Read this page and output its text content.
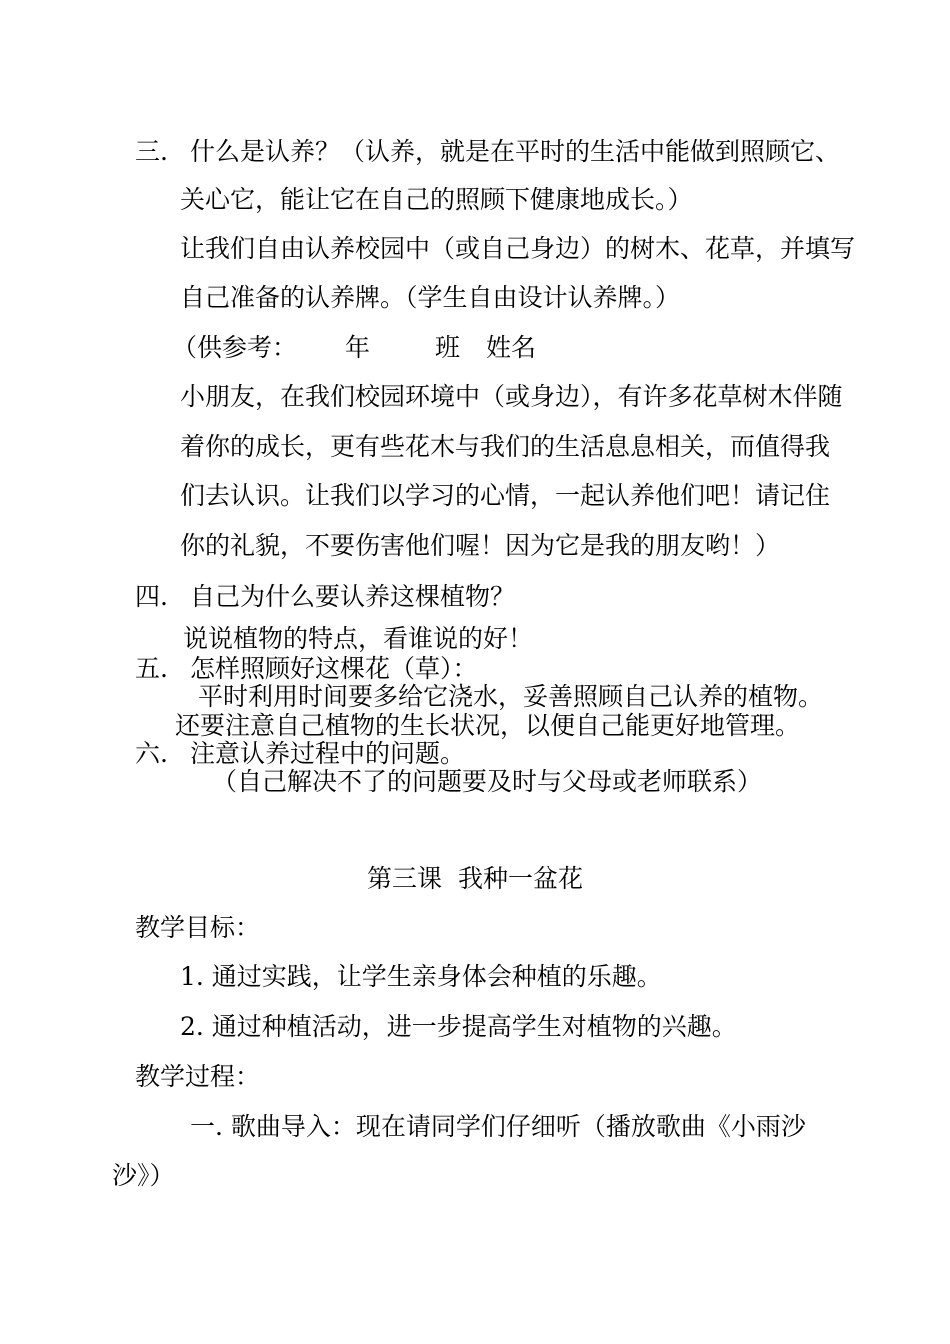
三. 什么是认养？（认养，就是在平时的生活中能做到照顾它、
关心它，能让它在自己的照顾下健康地成长。）
让我们自由认养校园中（或自己身边）的树木、花草，并填写
自己准备的认养牌。（学生自由设计认养牌。）
（供参考： 年	班 姓名
小朋友，在我们校园环境中（或身边），有许多花草树木伴随
着你的成长，更有些花木与我们的生活息息相关，而值得我
们去认识。让我们以学习的心情，一起认养他们吧！请记住
你的礼貌，不要伤害他们喔！因为它是我的朋友哟！）
四. 自己为什么要认养这棵植物？
说说植物的特点，看谁说的好！
五. 怎样照顾好这棵花（草）：
平时利用时间要多给它浇水，妥善照顾自己认养的植物。
还要注意自己植物的生长状况，以便自己能更好地管理。
六. 注意认养过程中的问题。
（自己解决不了的问题要及时与父母或老师联系）
第三课  我种一盆花
教学目标：
1. 通过实践，让学生亲身体会种植的乐趣。
2. 通过种植活动，进一步提高学生对植物的兴趣。
教学过程：
一. 歌曲导入：现在请同学们仔细听（播放歌曲《小雨沙
沙》）
